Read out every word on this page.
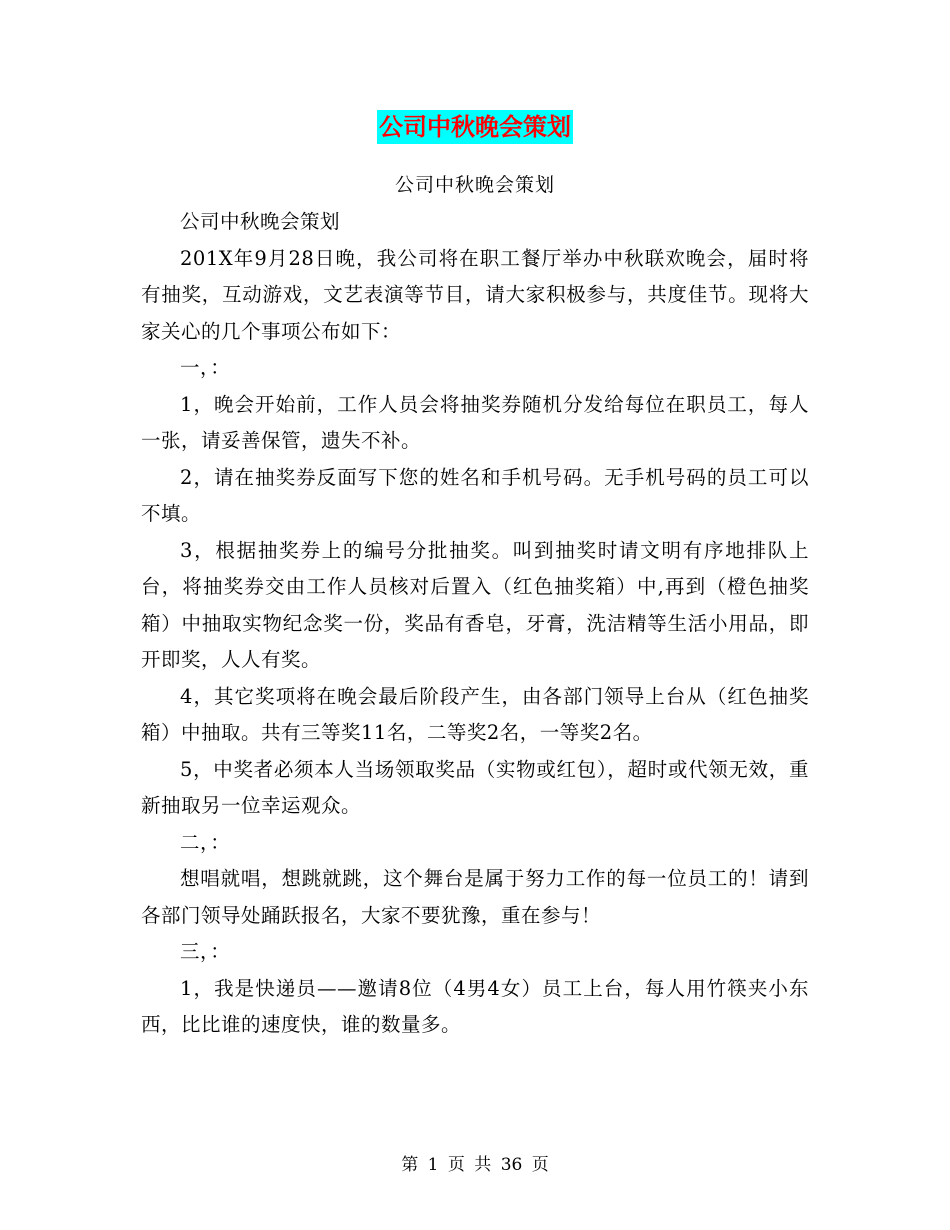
公司中秋晚会策划
公司中秋晚会策划

公司中秋晚会策划

201X年9月28日晚，我公司将在职工餐厅举办中秋联欢晚会，届时将有抽奖，互动游戏，文艺表演等节目，请大家积极参与，共度佳节。现将大家关心的几个事项公布如下：

一，：

1，晚会开始前，工作人员会将抽奖券随机分发给每位在职员工，每人一张，请妥善保管，遗失不补。

2，请在抽奖券反面写下您的姓名和手机号码。无手机号码的员工可以不填。

3，根据抽奖券上的编号分批抽奖。叫到抽奖时请文明有序地排队上台，将抽奖券交由工作人员核对后置入（红色抽奖箱）中,再到（橙色抽奖箱）中抽取实物纪念奖一份，奖品有香皂，牙膏，洗洁精等生活小用品，即开即奖，人人有奖。

4，其它奖项将在晚会最后阶段产生，由各部门领导上台从（红色抽奖箱）中抽取。共有三等奖11名，二等奖2名，一等奖2名。

5，中奖者必须本人当场领取奖品（实物或红包），超时或代领无效，重新抽取另一位幸运观众。

二，：

想唱就唱，想跳就跳，这个舞台是属于努力工作的每一位员工的！请到各部门领导处踊跃报名，大家不要犹豫，重在参与！

三，：

1，我是快递员——邀请8位（4男4女）员工上台，每人用竹筷夹小东西，比比谁的速度快，谁的数量多。

第 1 页 共 36 页
